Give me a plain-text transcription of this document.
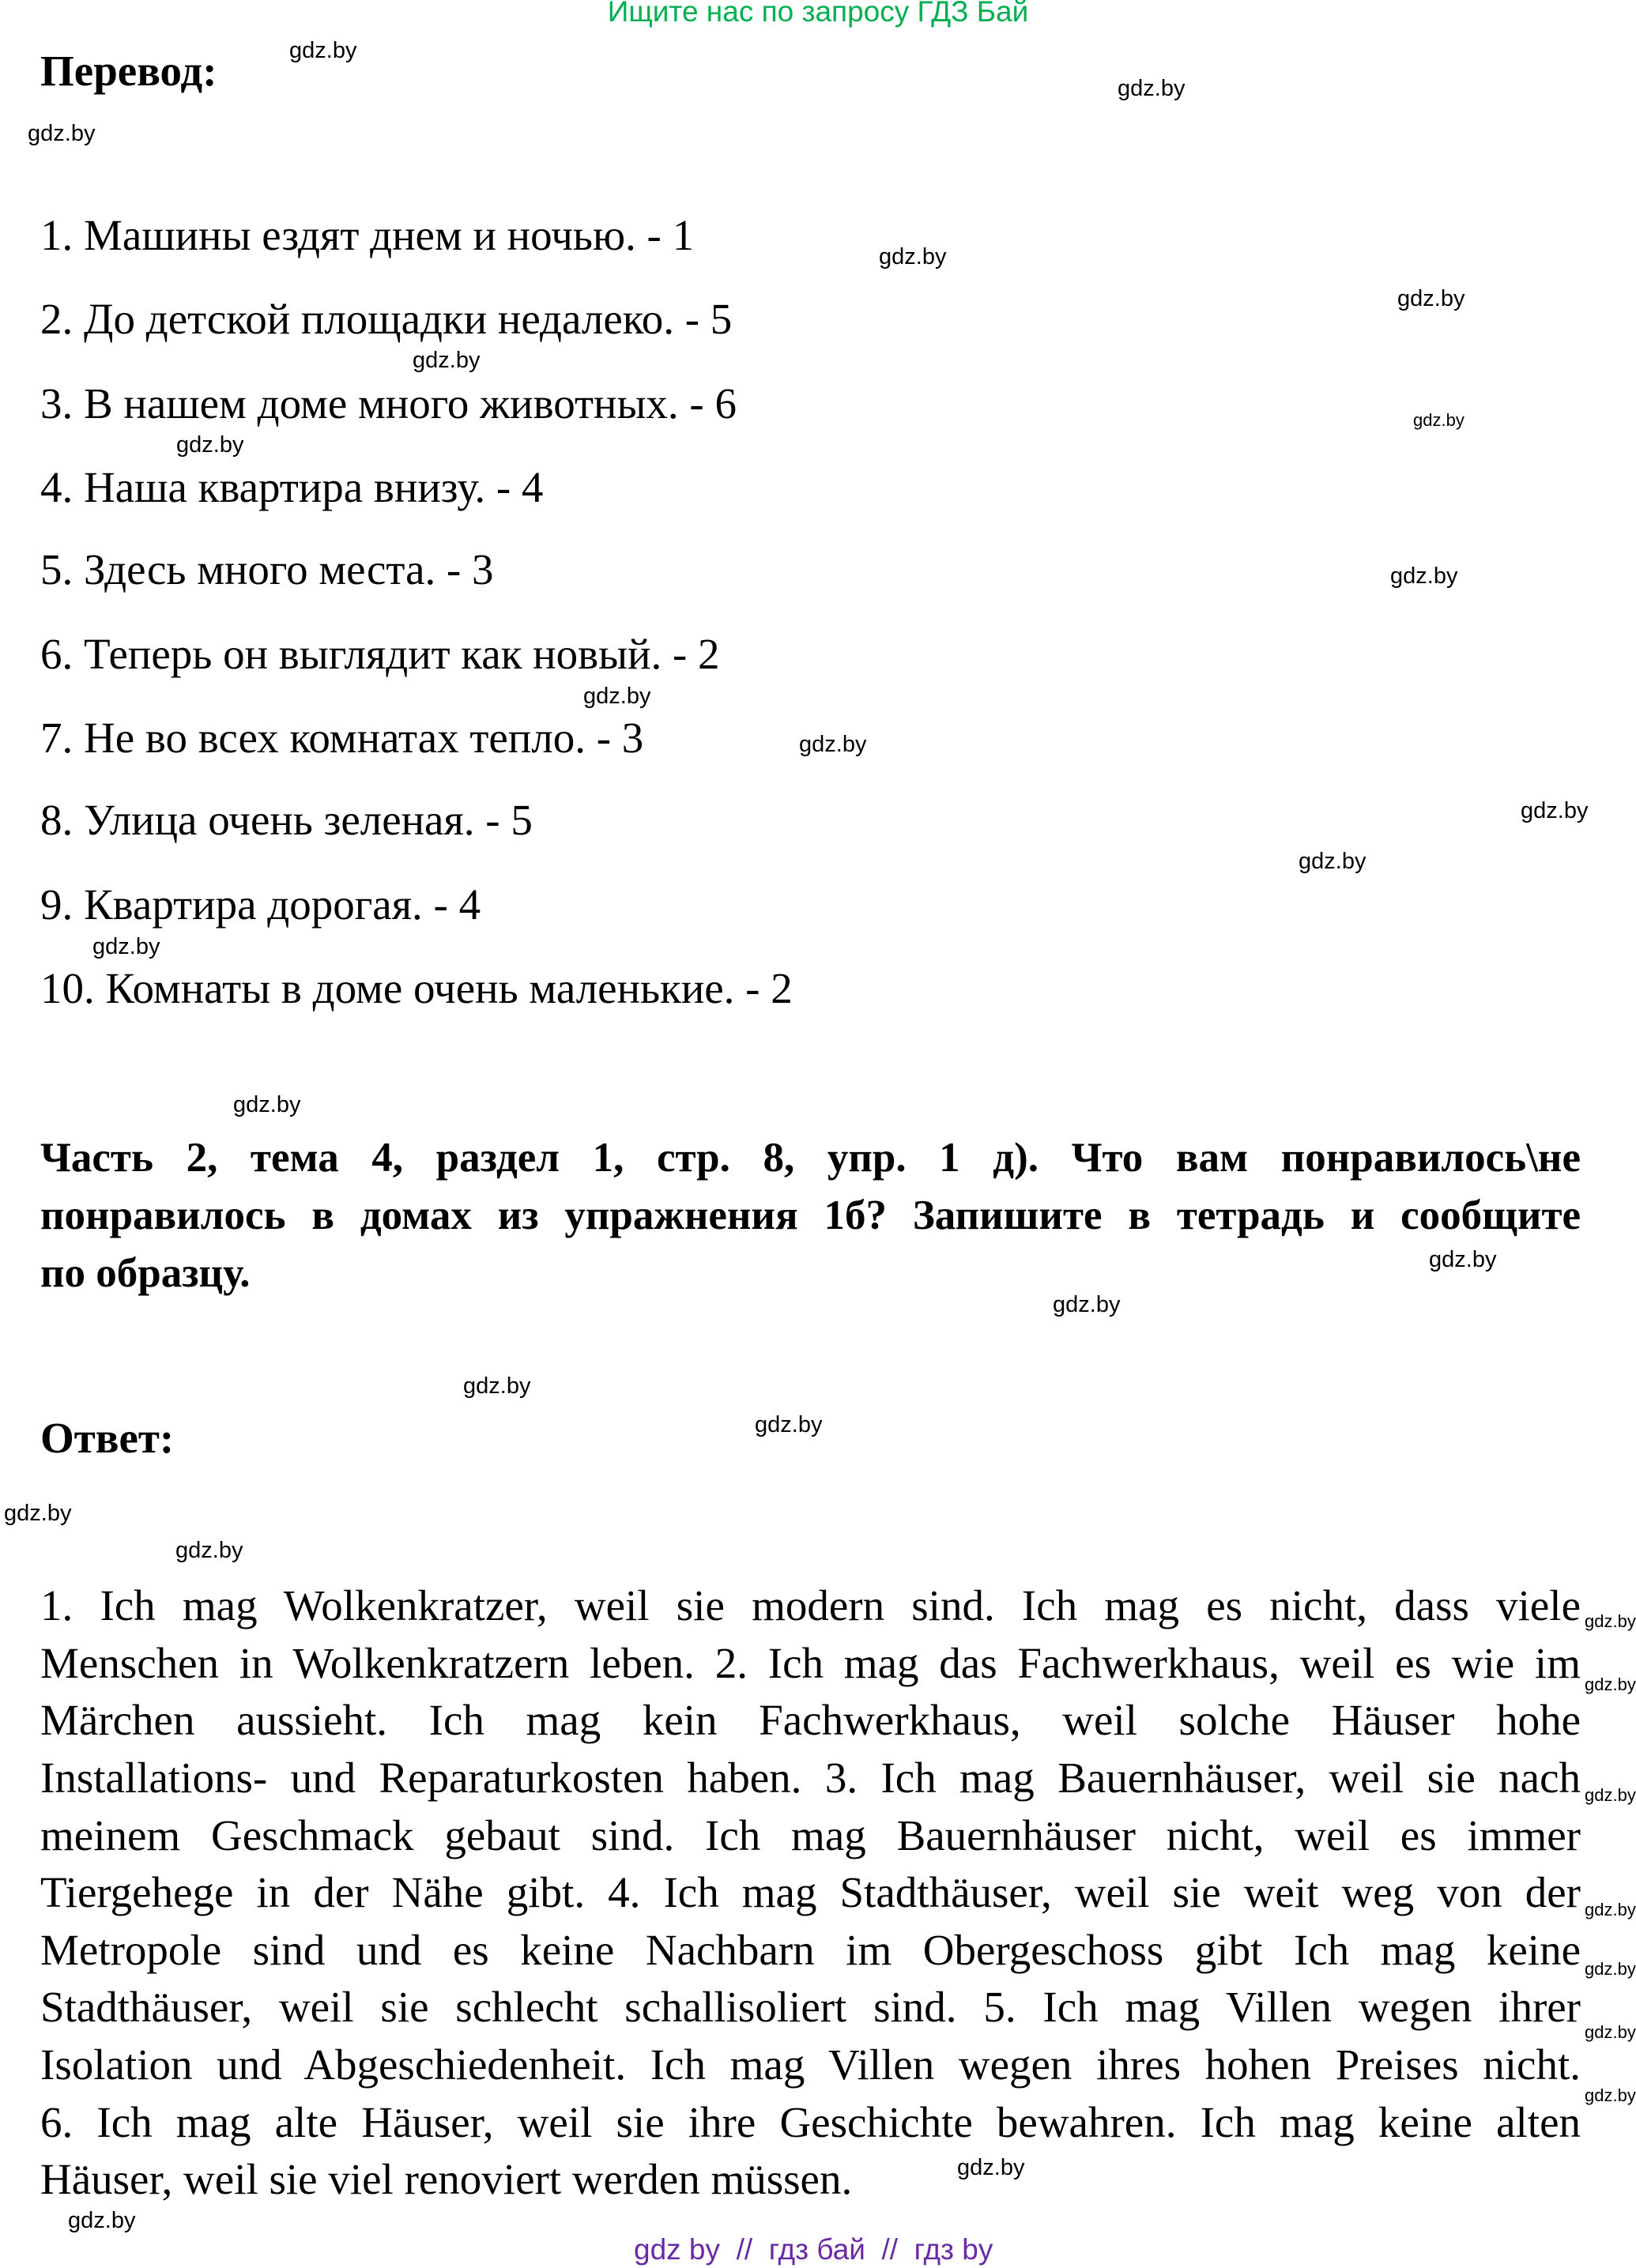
Ищите нас по запросу ГДЗ Бай
Перевод:
1. Машины ездят днем и ночью. - 1
2. До детской площадки недалеко. - 5
3. В нашем доме много животных. - 6
4. Наша квартира внизу. - 4
5. Здесь много места. - 3
6. Теперь он выглядит как новый. - 2
7. Не во всех комнатах тепло. - 3
8. Улица очень зеленая. - 5
9. Квартира дорогая. - 4
10. Комнаты в доме очень маленькие. - 2
Часть 2, тема 4, раздел 1, стр. 8, упр. 1 д). Что вам понравилось\не
понравилось в домах из упражнения 1б? Запишите в тетрадь и сообщите
по образцу.
Ответ:
1. Ich mag Wolkenkratzer, weil sie modern sind. Ich mag es nicht, dass viele
Menschen in Wolkenkratzern leben. 2. Ich mag das Fachwerkhaus, weil es wie im
Märchen aussieht. Ich mag kein Fachwerkhaus, weil solche Häuser hohe
Installations- und Reparaturkosten haben. 3. Ich mag Bauernhäuser, weil sie nach
meinem Geschmack gebaut sind. Ich mag Bauernhäuser nicht, weil es immer
Tiergehege in der Nähe gibt. 4. Ich mag Stadthäuser, weil sie weit weg von der
Metropole sind und es keine Nachbarn im Obergeschoss gibt Ich mag keine
Stadthäuser, weil sie schlecht schallisoliert sind. 5. Ich mag Villen wegen ihrer
Isolation und Abgeschiedenheit. Ich mag Villen wegen ihres hohen Preises nicht.
6. Ich mag alte Häuser, weil sie ihre Geschichte bewahren. Ich mag keine alten
Häuser, weil sie viel renoviert werden müssen.
gdz.by
gdz.by
gdz.by
gdz.by
gdz.by
gdz.by
gdz.by
gdz.by
gdz.by
gdz.by
gdz.by
gdz.by
gdz.by
gdz.by
gdz.by
gdz.by
gdz.by
gdz.by
gdz.by
gdz.by
gdz.by
gdz.by
gdz.by
gdz.by
gdz.by
gdz.by
gdz.by
gdz.by
gdz.by
gdz.by
gdz by  //  гдз бай  //  гдз by
